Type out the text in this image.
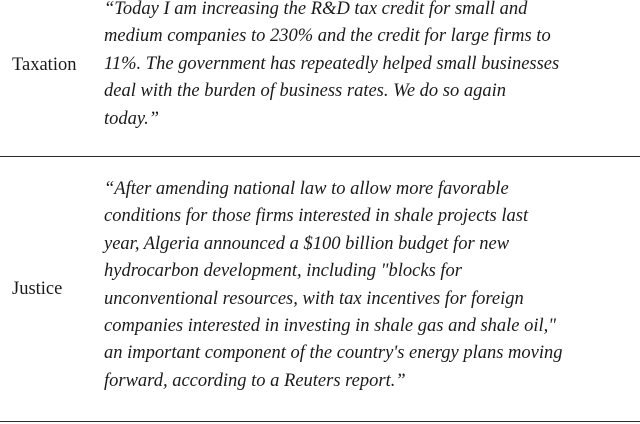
Taxation
“Today I am increasing the R&D tax credit for small and
medium companies to 230% and the credit for large firms to
11%. The government has repeatedly helped small businesses
deal with the burden of business rates. We do so again
today.”
Justice
“After amending national law to allow more favorable
conditions for those firms interested in shale projects last
year, Algeria announced a $100 billion budget for new
hydrocarbon development, including "blocks for
unconventional resources, with tax incentives for foreign
companies interested in investing in shale gas and shale oil,"
an important component of the country's energy plans moving
forward, according to a Reuters report.”
